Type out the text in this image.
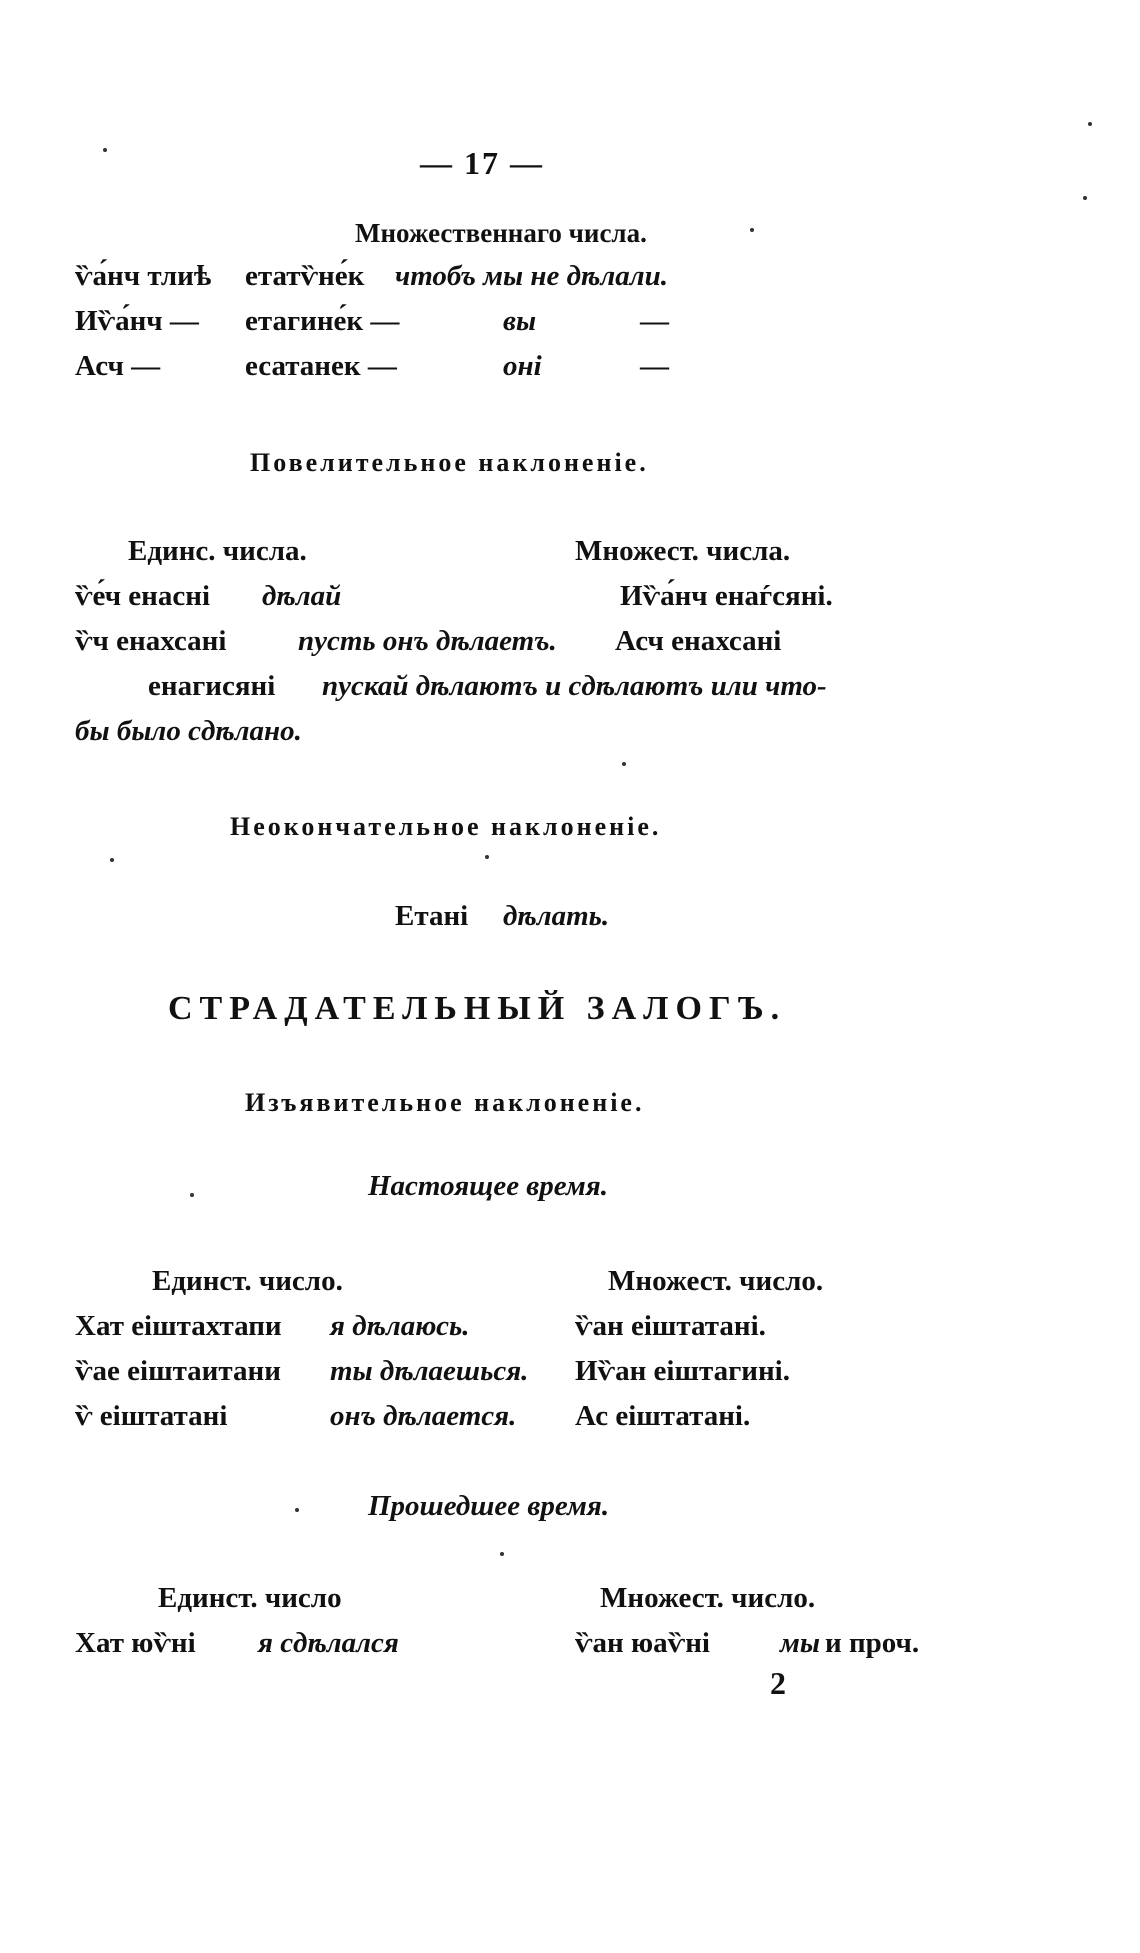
— 17 —
Множественнаго числа.
ѷа́нч тлиѣ етатѷне́к чтобъ мы не дѣлали.
Иѷа́нч — етагине́к —	вы	—
Асч —	есатанек —	оні	—
Повелительное наклоненіе.
Единс. числа.	Множест. числа.
ѷе́ч енасні дѣлай	Иѷа́нч енаѓсяні.
ѷч енахсані пусть онъ дѣлаетъ. Асч енахсані
енагисяні пускай дѣлаютъ и сдѣлаютъ или что-
бы было сдѣлано.
Неокончательное наклоненіе.
Етані дѣлать.
СТРАДАТЕЛЬНЫЙ ЗАЛОГЪ.
Изъявительное наклоненіе.
Настоящее время.
Единст. число.	Множест. число.
Хат еіштахтапи я дѣлаюсь.	ѷан еіштатані.
ѷае еіштаитани ты дѣлаешься. Иѷан еіштагині.
ѷ еіштатані	онъ дѣлается. Ас еіштатані.
Прошедшее время.
Единст. число	Множест. число.
Хат юѷні я сдѣлался	ѷан юаѷні мы и проч.
2
